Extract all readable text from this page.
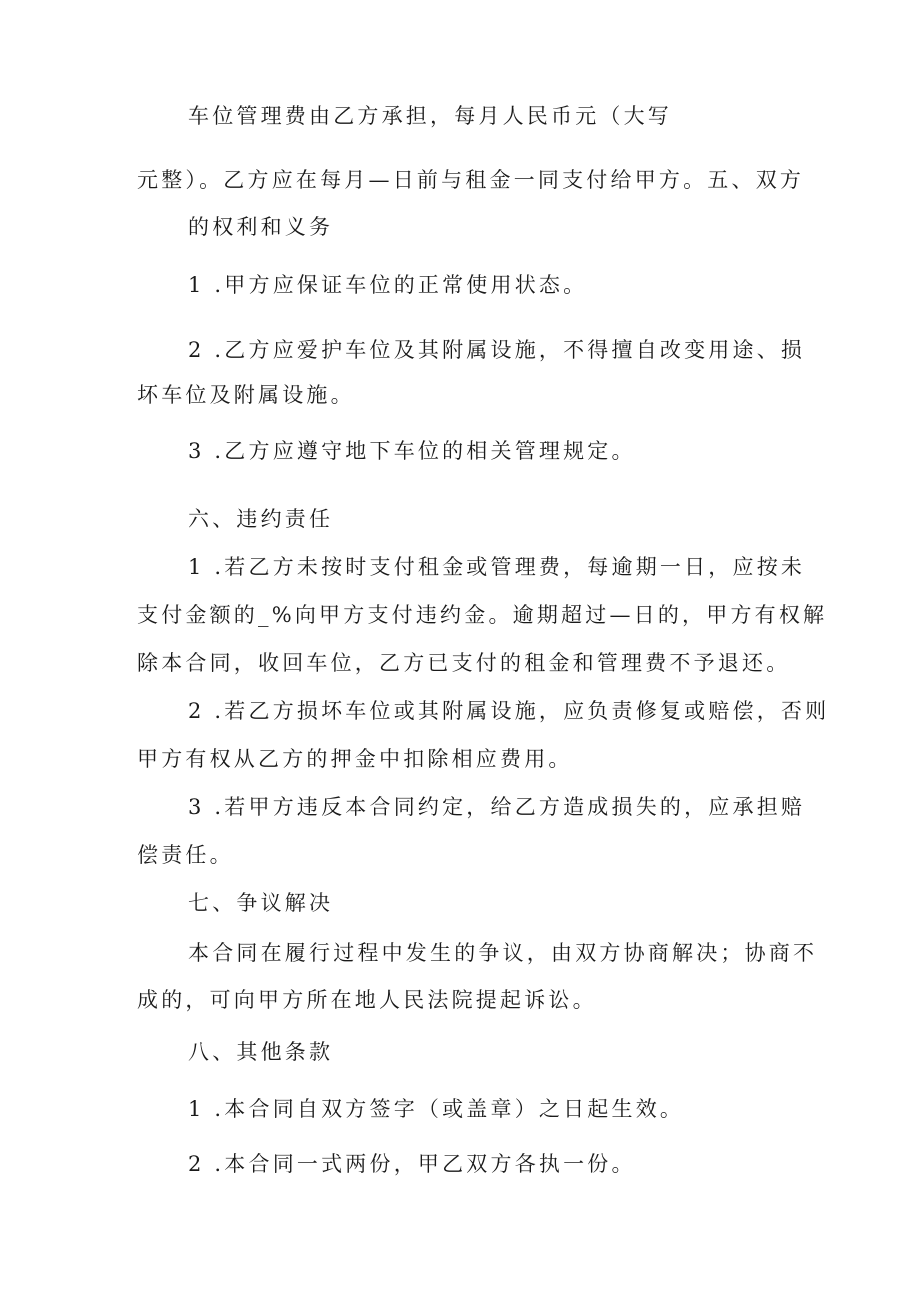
车位管理费由乙方承担，每月人民币元（大写
元整）。乙方应在每月—日前与租金一同支付给甲方。五、双方
的权利和义务
1 .甲方应保证车位的正常使用状态。
2 .乙方应爱护车位及其附属设施，不得擅自改变用途、损
坏车位及附属设施。
3 .乙方应遵守地下车位的相关管理规定。
六、违约责任
1 .若乙方未按时支付租金或管理费，每逾期一日，应按未
支付金额的_%向甲方支付违约金。逾期超过—日的，甲方有权解
除本合同，收回车位，乙方已支付的租金和管理费不予退还。
2 .若乙方损坏车位或其附属设施，应负责修复或赔偿，否则
甲方有权从乙方的押金中扣除相应费用。
3 .若甲方违反本合同约定，给乙方造成损失的，应承担赔
偿责任。
七、争议解决
本合同在履行过程中发生的争议，由双方协商解决；协商不
成的，可向甲方所在地人民法院提起诉讼。
八、其他条款
1 .本合同自双方签字（或盖章）之日起生效。
2 .本合同一式两份，甲乙双方各执一份。
